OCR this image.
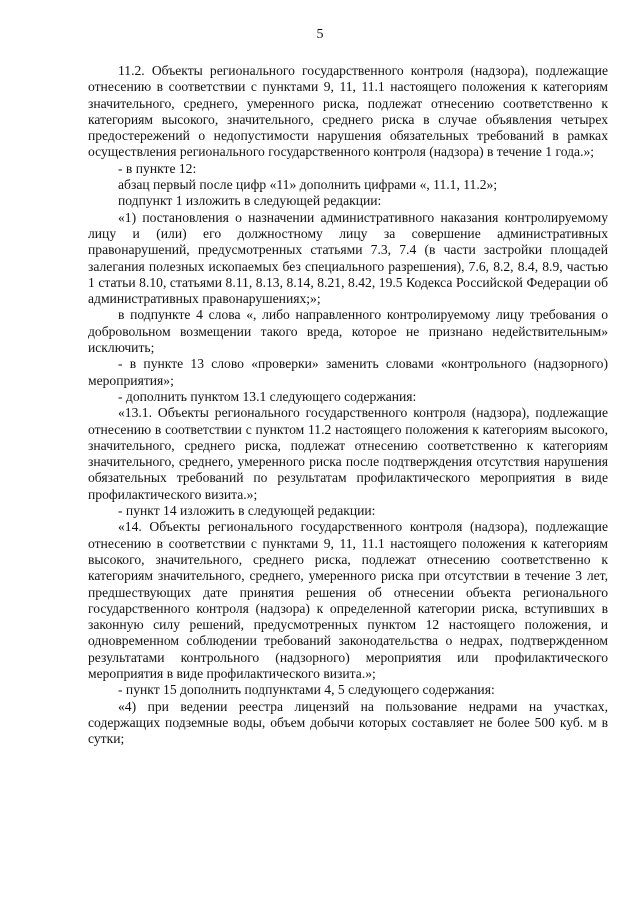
5

11.2. Объекты регионального государственного контроля (надзора), подлежащие отнесению в соответствии с пунктами 9, 11, 11.1 настоящего положения к категориям значительного, среднего, умеренного риска, подлежат отнесению соответственно к категориям высокого, значительного, среднего риска в случае объявления четырех предостережений о недопустимости нарушения обязательных требований в рамках осуществления регионального государственного контроля (надзора) в течение 1 года.»;

- в пункте 12:

абзац первый после цифр «11» дополнить цифрами «, 11.1, 11.2»;

подпункт 1 изложить в следующей редакции:

«1) постановления о назначении административного наказания контролируемому лицу и (или) его должностному лицу за совершение административных правонарушений, предусмотренных статьями 7.3, 7.4 (в части застройки площадей залегания полезных ископаемых без специального разрешения), 7.6, 8.2, 8.4, 8.9, частью 1 статьи 8.10, статьями 8.11, 8.13, 8.14, 8.21, 8.42, 19.5 Кодекса Российской Федерации об административных правонарушениях;»;

в подпункте 4 слова «, либо направленного контролируемому лицу требования о добровольном возмещении такого вреда, которое не признано недействительным» исключить;

- в пункте 13 слово «проверки» заменить словами «контрольного (надзорного) мероприятия»;

- дополнить пунктом 13.1 следующего содержания:

«13.1. Объекты регионального государственного контроля (надзора), подлежащие отнесению в соответствии с пунктом 11.2 настоящего положения к категориям высокого, значительного, среднего риска, подлежат отнесению соответственно к категориям значительного, среднего, умеренного риска после подтверждения отсутствия нарушения обязательных требований по результатам профилактического мероприятия в виде профилактического визита.»;

- пункт 14 изложить в следующей редакции:

«14. Объекты регионального государственного контроля (надзора), подлежащие отнесению в соответствии с пунктами 9, 11, 11.1 настоящего положения к категориям высокого, значительного, среднего риска, подлежат отнесению соответственно к категориям значительного, среднего, умеренного риска при отсутствии в течение 3 лет, предшествующих дате принятия решения об отнесении объекта регионального государственного контроля (надзора) к определенной категории риска, вступивших в законную силу решений, предусмотренных пунктом 12 настоящего положения, и одновременном соблюдении требований законодательства о недрах, подтвержденном результатами контрольного (надзорного) мероприятия или профилактического мероприятия в виде профилактического визита.»;

- пункт 15 дополнить подпунктами 4, 5 следующего содержания:

«4) при ведении реестра лицензий на пользование недрами на участках, содержащих подземные воды, объем добычи которых составляет не более 500 куб. м в сутки;
